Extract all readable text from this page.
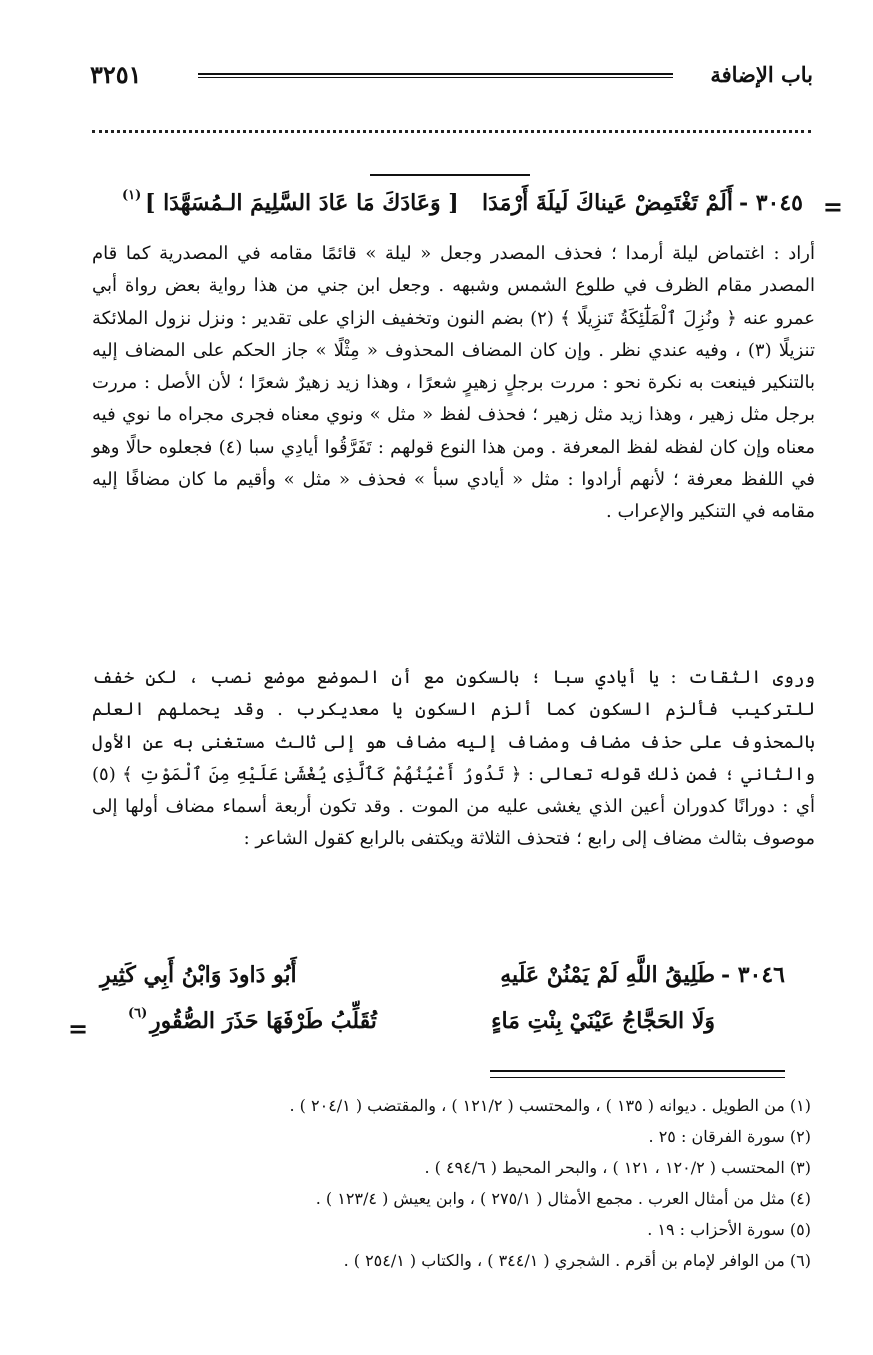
باب الإضافة
٣٢٥١
=
٣٠٤٥ -
أَلَمْ تَغْتَمِضْ عَيناكَ لَيلَةَ أَرْمَدَا
[ وَعَادَكَ مَا عَادَ السَّلِيمَ الـمُسَهَّدَا ]
(١)

أراد : اغتماض ليلة أرمدا ؛ فحذف المصدر وجعل « ليلة » قائمًا مقامه في المصدرية كما قام المصدر مقام الظرف في طلوع الشمس وشبهه . وجعل ابن جني من هذا رواية بعض رواة أبي عمرو عنه ﴿ ونُزِلَ ٱلْمَلَٰٓئِكَةُ تَنزِيلًا ﴾ (٢) بضم النون وتخفيف الزاي على تقدير : ونزل نزول الملائكة تنزيلًا (٣) ، وفيه عندي نظر . وإن كان المضاف المحذوف « مِثْلًا » جاز الحكم على المضاف إليه بالتنكير فينعت به نكرة نحو : مررت برجلٍ زهيرٍ شعرًا ، وهذا زيد زهيرٌ شعرًا ؛ لأن الأصل : مررت برجل مثل زهير ، وهذا زيد مثل زهير ؛ فحذف لفظ « مثل » ونوي معناه فجرى مجراه ما نوي فيه معناه وإن كان لفظه لفظ المعرفة . ومن هذا النوع قولهم : تَفَرَّقُوا أيادِي سبا (٤) فجعلوه حالًا وهو في اللفظ معرفة ؛ لأنهم أرادوا : مثل « أيادي سبأ » فحذف « مثل » وأقيم ما كان مضافًا إليه مقامه في التنكير والإعراب .

وروى الثقات : يا أيادي سبا ؛ بالسكون مع أن الموضع موضع نصب ، لكن خفف للتركيب فألزم السكون كما ألزم السكون يا معديكرب . وقد يحملهم العلم بالمحذوف على حذف مضاف ومضاف إليه مضاف هو إلى ثالث مستغنى به عن الأول والثاني ؛ فمن ذلك قوله تعالى : ﴿ تَدُورُ أَعْيُنُهُمْ كَٱلَّذِى يُغْشَىٰ عَلَيْهِ مِنَ ٱلْمَوْتِ ﴾ (٥) أي : دورانًا كدوران أعين الذي يغشى عليه من الموت . وقد تكون أربعة أسماء مضاف أولها إلى موصوف بثالث مضاف إلى رابع ؛ فتحذف الثلاثة ويكتفى بالرابع كقول الشاعر :

٣٠٤٦ -
طَلِيقُ اللَّهِ لَمْ يَمْنُنْ عَلَيهِ
أَبُو دَاودَ وَابْنُ أَبِي كَثِيرِ
وَلَا الحَجَّاجُ عَيْنَيْ بِنْتِ مَاءٍ
تُقَلِّبُ طَرْفَهَا حَذَرَ الصُّقُورِ
(٦)
=
(١) من الطويل . ديوانه ( ١٣٥ ) ، والمحتسب ( ١٢١/٢ ) ، والمقتضب ( ٢٠٤/١ ) .
(٢) سورة الفرقان : ٢٥ .
(٣) المحتسب ( ١٢٠/٢ ، ١٢١ ) ، والبحر المحيط ( ٤٩٤/٦ ) .
(٤) مثل من أمثال العرب . مجمع الأمثال ( ٢٧٥/١ ) ، وابن يعيش ( ١٢٣/٤ ) .
(٥) سورة الأحزاب : ١٩ .
(٦) من الوافر لإمام بن أقرم . الشجري ( ٣٤٤/١ ) ، والكتاب ( ٢٥٤/١ ) .
